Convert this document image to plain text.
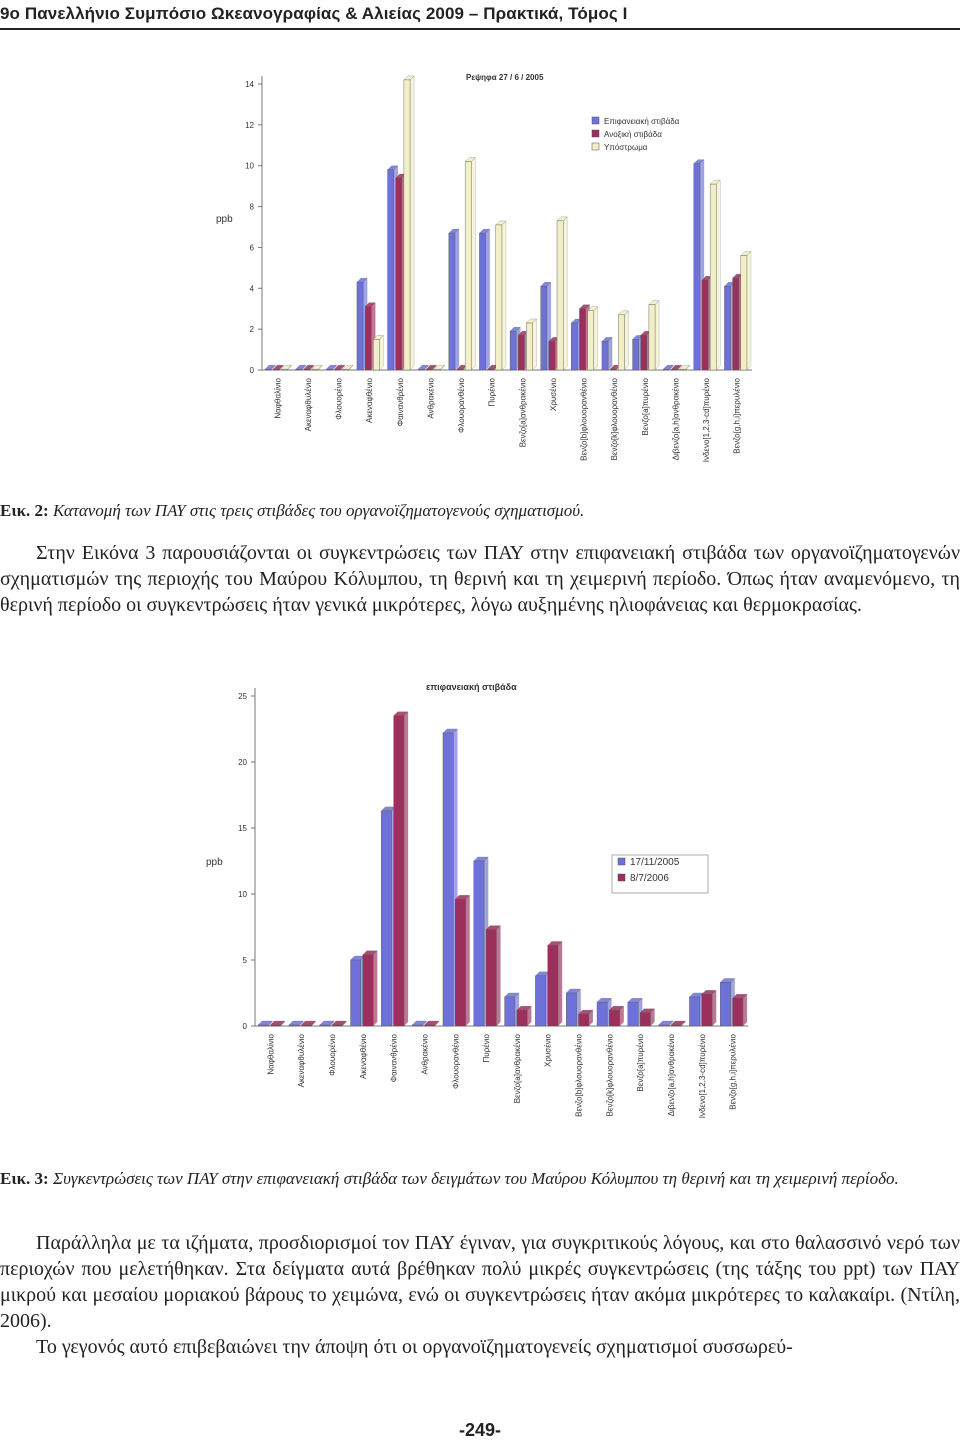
9ο Πανελλήνιο Συμπόσιο Ωκεανογραφίας & Αλιείας 2009 – Πρακτικά, Τόμος Ι
0
2
4
6
8
10
12
14
ppb
Ρεψηφα 27 / 6 / 2005
Ναφθαλίνιο	Ακεναφθυλένιο	Φλουορένιο	Ακεναφθένιο	Φαινανθρένιο	Ανθρακένιο	Φλουορανθένιο	Πυρένιο	Βενζο[a]ανθρακένιο	Χρυσένιο	Βενζο[b]φλουορανθένιο	Βενζο[k]φλουορανθένιο	Βενζο[a]πυρένιο	Διβενζο[a,h]ανθρακένιο	Ινδενο[1,2,3-cd]πυρένιο	Βενζο[g,h,i]περυλένιο
Επιφανειακή στιβάδα
Ανοξική στιβάδα
Υπόστρωμα
Εικ. 2: Κατανομή των ΠΑΥ στις τρεις στιβάδες του οργανοϊζηματογενούς σχηματισμού.

Στην Εικόνα 3 παρουσιάζονται οι συγκεντρώσεις των ΠΑΥ στην επιφανειακή στιβάδα των οργανοϊζηματογενών σχηματισμών της περιοχής του Μαύρου Κόλυμπου, τη θερινή και τη χειμερινή περίοδο. Όπως ήταν αναμενόμενο, τη θερινή περίοδο οι συγκεντρώσεις ήταν γενικά μικρότερες, λόγω αυξημένης ηλιοφάνειας και θερμοκρασίας.

0
5
10
15
20
25
ppb
επιφανειακή στιβάδα
Ναφθαλίνιο	Ακεναφθυλένιο	Φλουορένιο	Ακεναφθένιο	Φαινανθρένιο	Ανθρακένιο	Φλουορανθένιο	Πυρένιο	Βενζο[a]ανθρακένιο	Χρυσένιο	Βενζο[b]φλουορανθένιο	Βενζο[k]φλουορανθένιο	Βενζο[a]πυρένιο	Διβενζο[a,h]ανθρακένιο	Ινδενο[1,2,3-cd]πυρένιο	Βενζο[g,h,i]περυλένιο
17/11/2005
8/7/2006
Εικ. 3: Συγκεντρώσεις των ΠΑΥ στην επιφανειακή στιβάδα των δειγμάτων του Μαύρου Κόλυμπου τη θερινή και τη χειμερινή περίοδο.

Παράλληλα με τα ιζήματα, προσδιορισμοί τον ΠΑΥ έγιναν, για συγκριτικούς λόγους, και στο θαλασσινό νερό των περιοχών που μελετήθηκαν. Στα δείγματα αυτά βρέθηκαν πολύ μικρές συγκεντρώσεις (της τάξης του ppt) των ΠΑΥ μικρού και μεσαίου μοριακού βάρους το χειμώνα, ενώ οι συγκεντρώσεις ήταν ακόμα μικρότερες το καλακαίρι. (Ντίλη, 2006).

Το γεγονός αυτό επιβεβαιώνει την άποψη ότι οι οργανοϊζηματογενείς σχηματισμοί συσσωρεύ-

-249-
